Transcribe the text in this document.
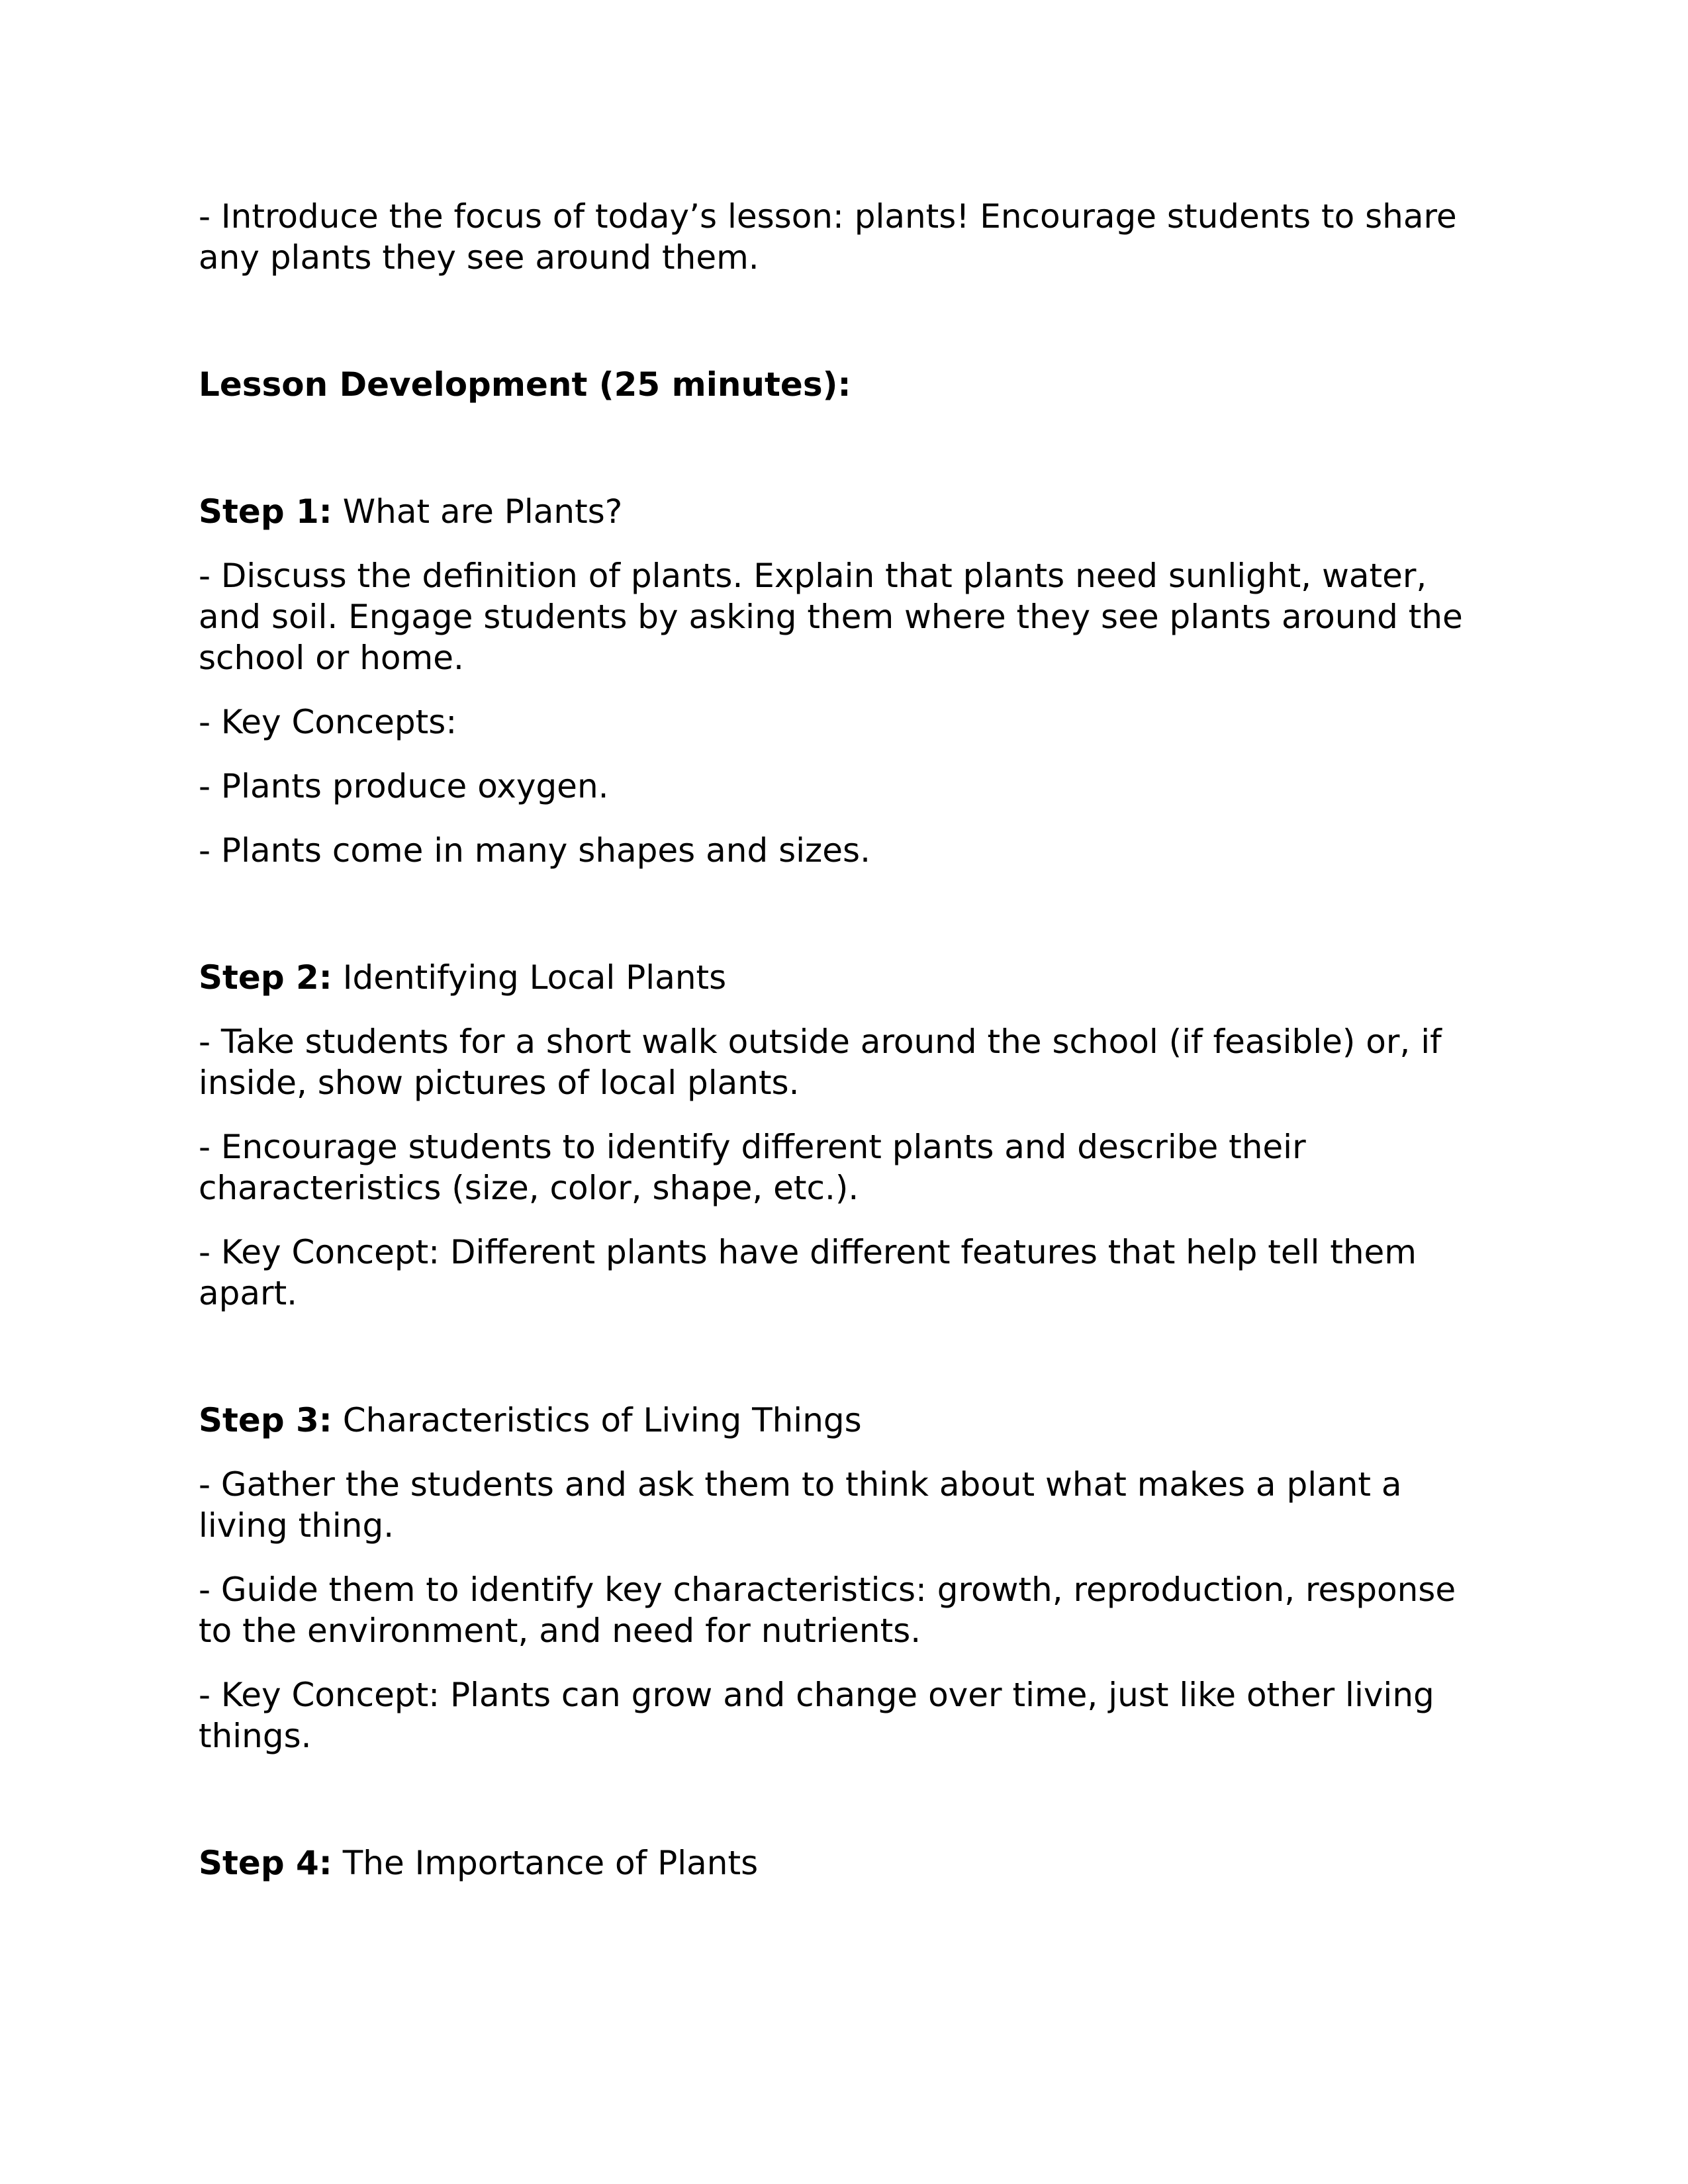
- Introduce the focus of today’s lesson: plants! Encourage students to share any plants they see around them.

Lesson Development (25 minutes):

Step 1: What are Plants?

- Discuss the definition of plants. Explain that plants need sunlight, water, and soil. Engage students by asking them where they see plants around the school or home.

- Key Concepts:

- Plants produce oxygen.

- Plants come in many shapes and sizes.

Step 2: Identifying Local Plants

- Take students for a short walk outside around the school (if feasible) or, if inside, show pictures of local plants.

- Encourage students to identify different plants and describe their characteristics (size, color, shape, etc.).

- Key Concept: Different plants have different features that help tell them apart.

Step 3: Characteristics of Living Things

- Gather the students and ask them to think about what makes a plant a living thing.

- Guide them to identify key characteristics: growth, reproduction, response to the environment, and need for nutrients.

- Key Concept: Plants can grow and change over time, just like other living things.

Step 4: The Importance of Plants
